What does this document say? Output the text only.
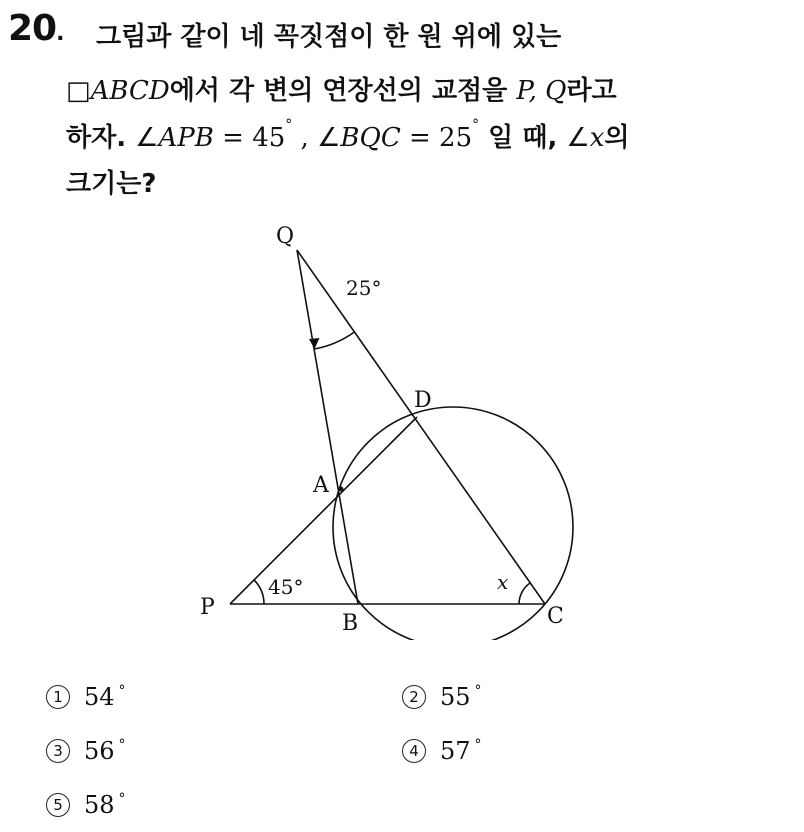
20. 그림과 같이 네 꼭짓점이 한 원 위에 있는
□ABCD에서 각 변의 연장선의 교점을 P, Q라고
하자. ∠APB = 45° , ∠BQC = 25° 일 때, ∠x의
크기는?
Q
D
A
P
B	C
25°
45°	x
1 54 °	2 55 °
3 56 °	4 57 °
5 58 °
